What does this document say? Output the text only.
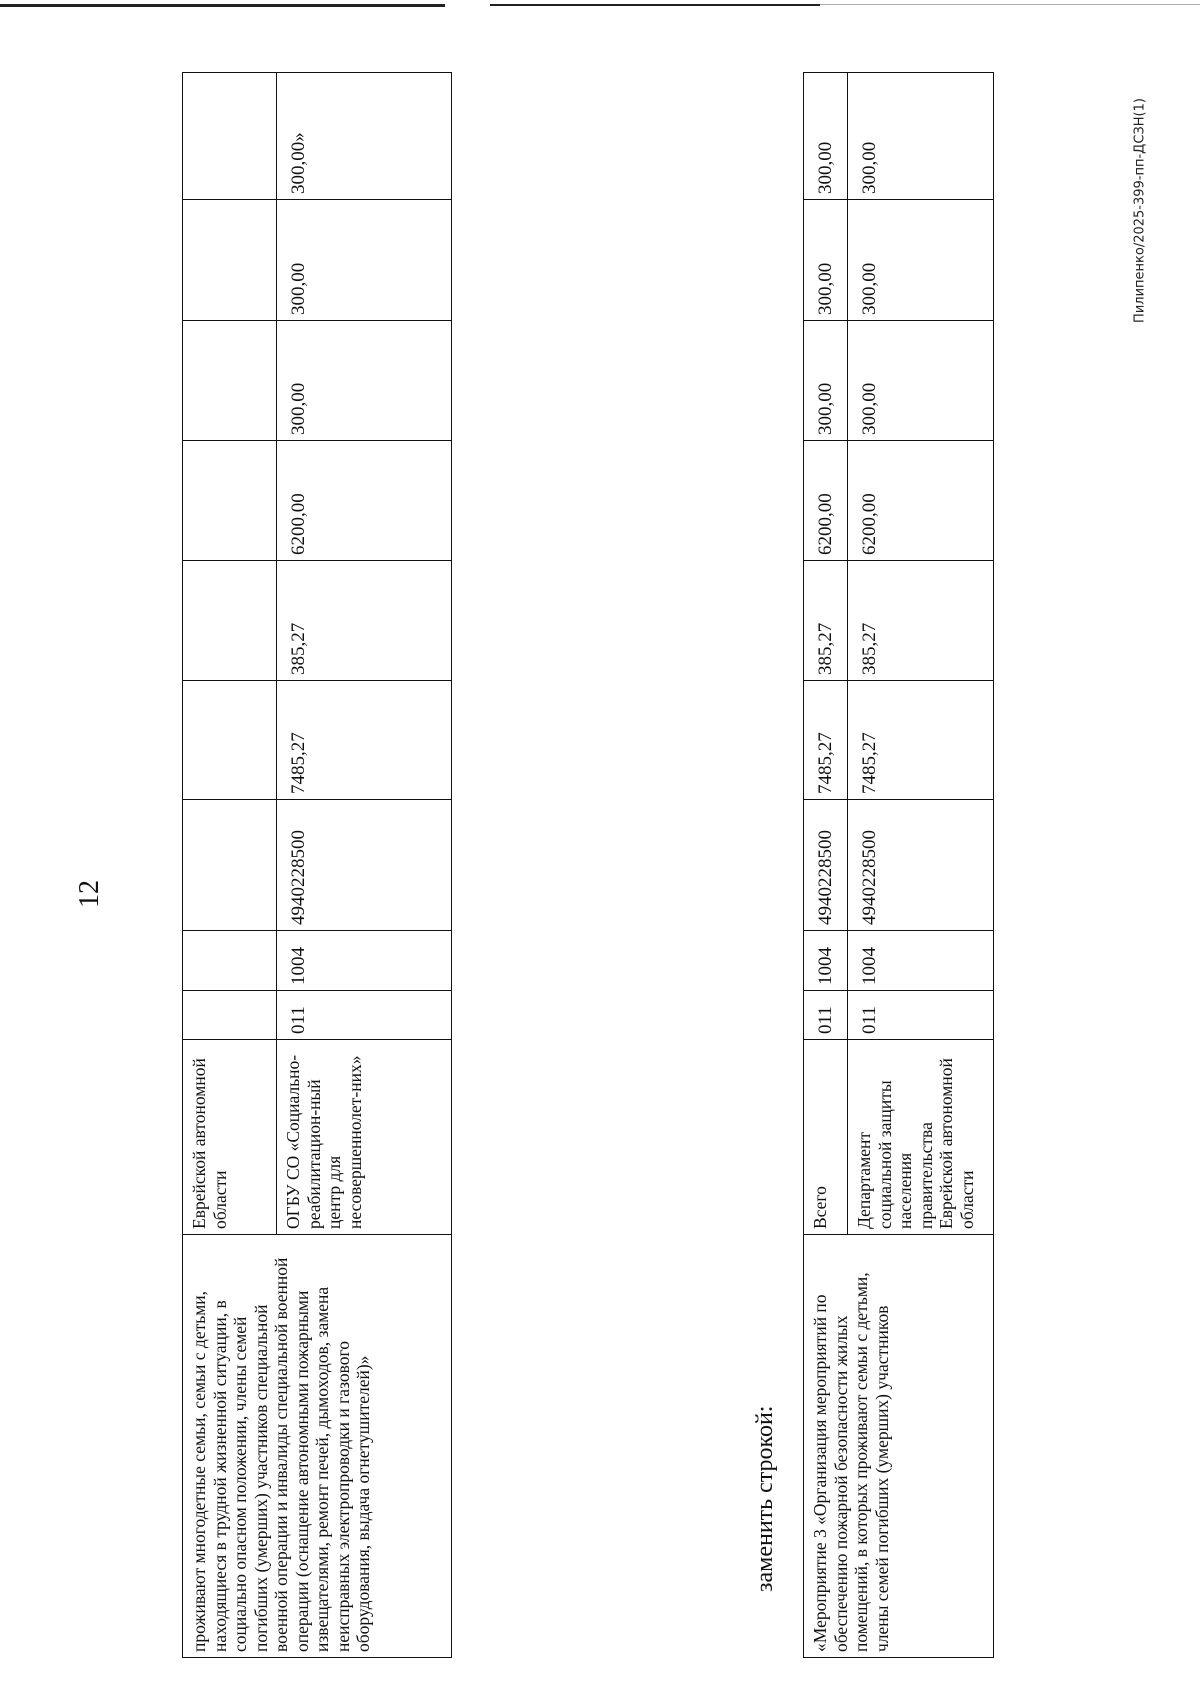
12
Пилипенко/2025-399-пп-ДСЗН(1)
проживают многодетные семьи, семьи с детьми, находящиеся в трудной жизненной ситуации, в социально опасном положении, члены семей погибших (умерших) участников специальной военной операции и инвалиды специальной военной операции (оснащение автономными пожарными извещателями, ремонт печей, дымоходов, замена неисправных электропроводки и газового оборудования, выдача огнетушителей)»	Еврейской автономной области									
	ОГБУ СО «Социально-реабилитацион-ный центр для несовершеннолет-них»	011	1004	4940228500	7485,27	385,27	6200,00	300,00	300,00	300,00»
заменить строкой: «Мероприятие 3 «Организация мероприятий по обеспечению пожарной безопасности жилых помещений, в которых проживают семьи с детьми, члены семей погибших (умерших) участников	Всего	011	1004	4940228500	7485,27	385,27	6200,00	300,00	300,00	300,00
	Департамент социальной защиты населения правительства Еврейской автономной области	011	1004	4940228500	7485,27	385,27	6200,00	300,00	300,00	300,00
